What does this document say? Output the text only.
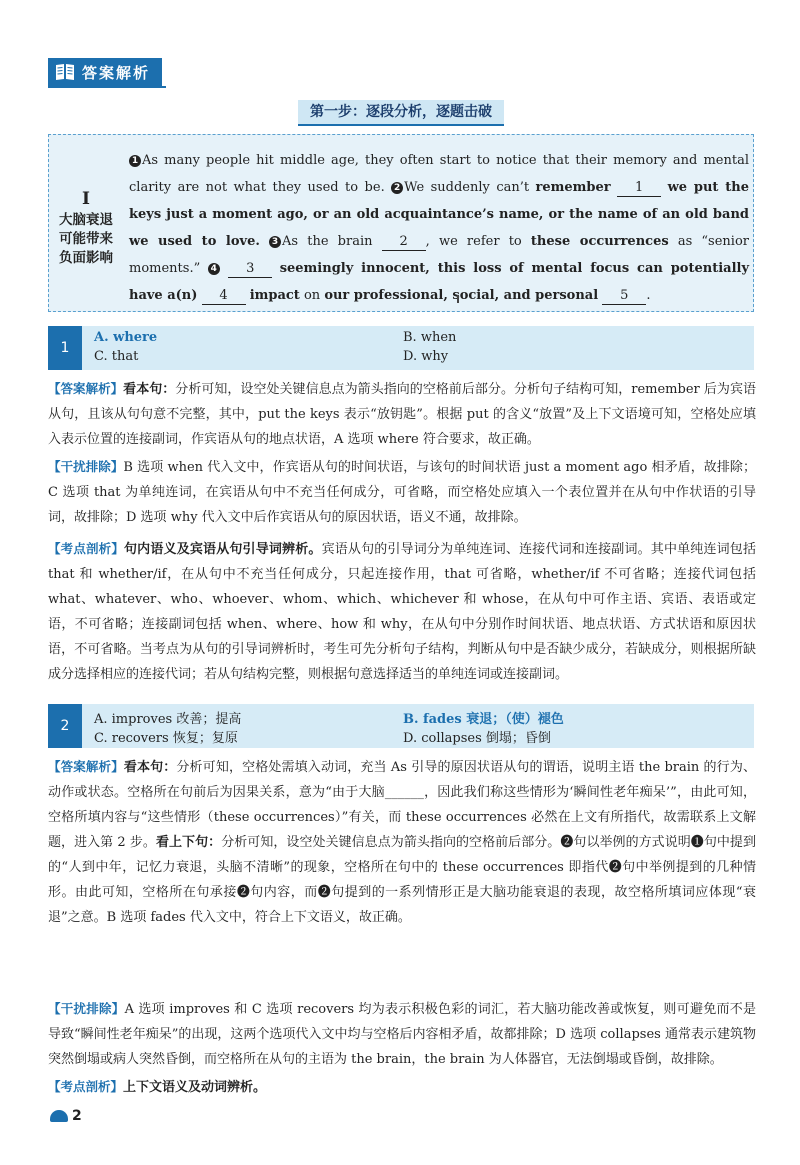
答案解析
第一步：逐段分析，逐题击破
I
大脑衰退可能带来负面影响
1 As many people hit middle age, they often start to notice that their memory and mental clarity are not what they used to be. 2 We suddenly can’t remember 1 we put the keys just a moment ago, or an old acquaintance’s name, or the name of an old band we used to love. 3 As the brain 2 , we refer to these occurrences as “senior moments.” 4 3 seemingly innocent, this loss of mental focus can potentially have a(n) 4 impact on our professional, social, and personal 5 .
1
A. where	B. when
C. that	D. why
【答案解析】看本句：分析可知，设空处关键信息点为箭头指向的空格前后部分。分析句子结构可知，remember 后为宾语从句，且该从句句意不完整，其中，put the keys 表示“放钥匙”。根据 put 的含义“放置”及上下文语境可知，空格处应填入表示位置的连接副词，作宾语从句的地点状语，A 选项 where 符合要求，故正确。
【干扰排除】B 选项 when 代入文中，作宾语从句的时间状语，与该句的时间状语 just a moment ago 相矛盾，故排除；C 选项 that 为单纯连词，在宾语从句中不充当任何成分，可省略，而空格处应填入一个表位置并在从句中作状语的引导词，故排除；D 选项 why 代入文中后作宾语从句的原因状语，语义不通，故排除。
【考点剖析】句内语义及宾语从句引导词辨析。宾语从句的引导词分为单纯连词、连接代词和连接副词。其中单纯连词包括 that 和 whether/if，在从句中不充当任何成分，只起连接作用，that 可省略，whether/if 不可省略；连接代词包括 what、whatever、who、whoever、whom、which、whichever 和 whose，在从句中可作主语、宾语、表语或定语，不可省略；连接副词包括 when、where、how 和 why，在从句中分别作时间状语、地点状语、方式状语和原因状语，不可省略。当考点为从句的引导词辨析时，考生可先分析句子结构，判断从句中是否缺少成分，若缺成分，则根据所缺成分选择相应的连接代词；若从句结构完整，则根据句意选择适当的单纯连词或连接副词。
2	A. improves 改善；提高	B. fades 衰退；（使）褪色
C. recovers 恢复；复原	D. collapses 倒塌；昏倒
【答案解析】看本句：分析可知，空格处需填入动词，充当 As 引导的原因状语从句的谓语，说明主语 the brain 的行为、动作或状态。空格所在句前后为因果关系，意为“由于大脑______，因此我们称这些情形为‘瞬间性老年痴呆’”，由此可知，空格所填内容与“这些情形（these occurrences）”有关，而 these occurrences 必然在上文有所指代，故需联系上文解题，进入第 2 步。看上下句：分析可知，设空处关键信息点为箭头指向的空格前后部分。❷句以举例的方式说明❶句中提到的“人到中年，记忆力衰退，头脑不清晰”的现象，空格所在句中的 these occurrences 即指代❷句中举例提到的几种情形。由此可知，空格所在句承接❷句内容，而❷句提到的一系列情形正是大脑功能衰退的表现，故空格所填词应体现“衰退”之意。B 选项 fades 代入文中，符合上下文语义，故正确。
【干扰排除】A 选项 improves 和 C 选项 recovers 均为表示积极色彩的词汇，若大脑功能改善或恢复，则可避免而不是导致“瞬间性老年痴呆”的出现，这两个选项代入文中均与空格后内容相矛盾，故都排除；D 选项 collapses 通常表示建筑物突然倒塌或病人突然昏倒，而空格所在从句的主语为 the brain，the brain 为人体器官，无法倒塌或昏倒，故排除。
【考点剖析】上下文语义及动词辨析。
2
